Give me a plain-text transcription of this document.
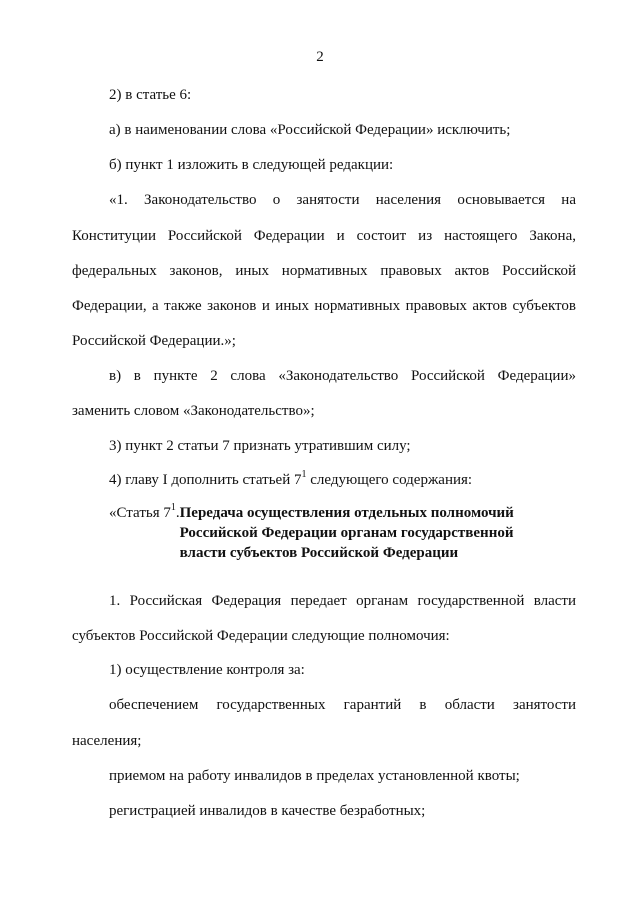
2
2) в статье 6:
а) в наименовании слова «Российской Федерации» исключить;
б) пункт 1 изложить в следующей редакции:
«1. Законодательство о занятости населения основывается на
Конституции Российской Федерации и состоит из настоящего Закона,
федеральных законов, иных нормативных правовых актов Российской
Федерации, а также законов и иных нормативных правовых актов субъектов
Российской Федерации.»;
в) в пункте 2 слова «Законодательство Российской Федерации»
заменить словом «Законодательство»;
3) пункт 2 статьи 7 признать утратившим силу;
4) главу I дополнить статьей $7^1$ следующего содержания:
«Статья $7^1$. Передача осуществления отдельных полномочий
Российской Федерации органам государственной
власти субъектов Российской Федерации
1. Российская Федерация передает органам государственной власти
субъектов Российской Федерации следующие полномочия:
1) осуществление контроля за:
обеспечением государственных гарантий в области занятости
населения;
приемом на работу инвалидов в пределах установленной квоты;
регистрацией инвалидов в качестве безработных;
